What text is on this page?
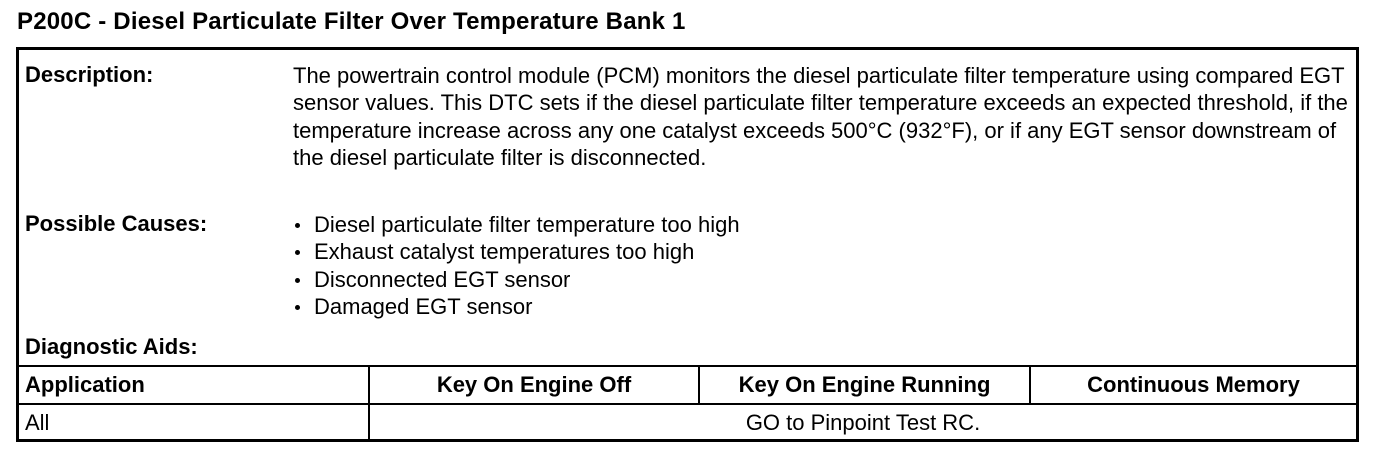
P200C - Diesel Particulate Filter Over Temperature Bank 1
Description:	The powertrain control module (PCM) monitors the diesel particulate filter temperature using compared EGT sensor values. This DTC sets if the diesel particulate filter temperature exceeds an expected threshold, if the temperature increase across any one catalyst exceeds 500°C (932°F), or if any EGT sensor downstream of the diesel particulate filter is disconnected.
Possible Causes:	Diesel particulate filter temperature too high
Exhaust catalyst temperatures too high
Disconnected EGT sensor
Damaged EGT sensor
Diagnostic Aids:
Application	Key On Engine Off	Key On Engine Running	Continuous Memory
All	GO to Pinpoint Test RC.
